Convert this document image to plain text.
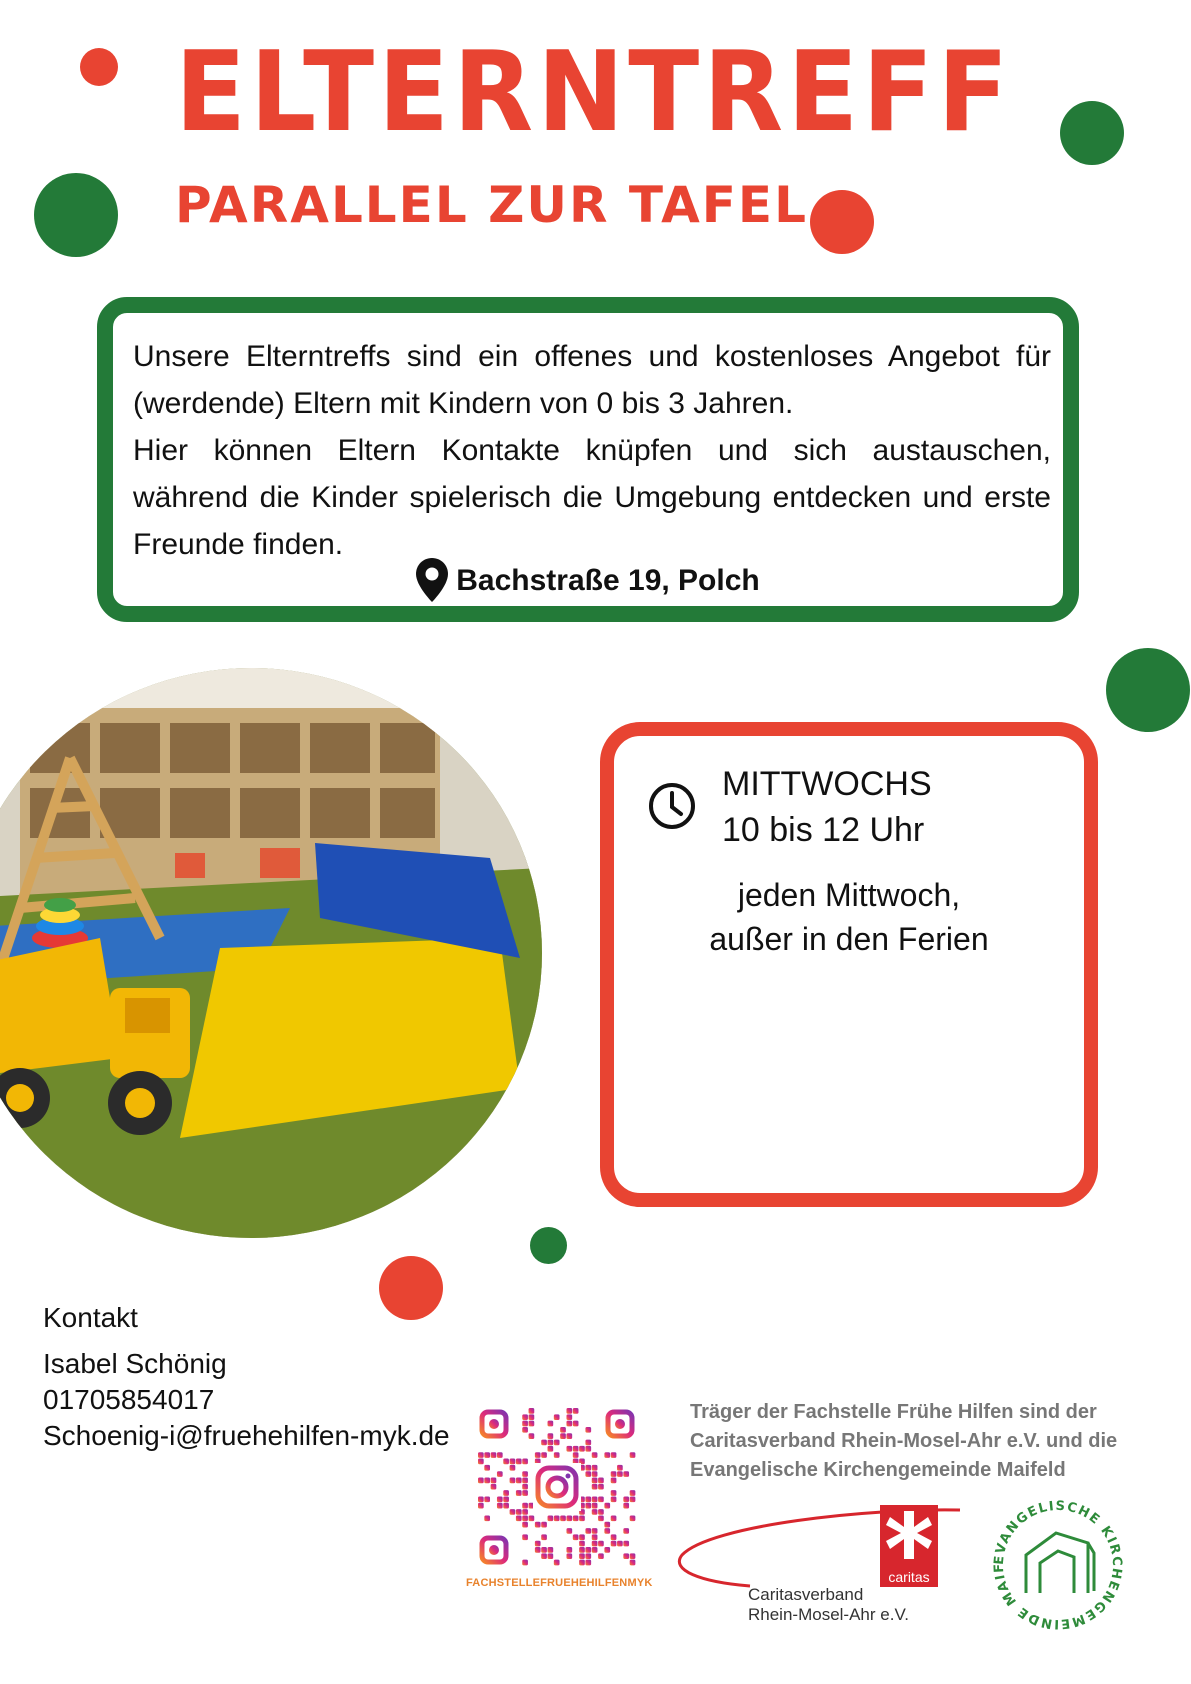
ELTERNTREFF
PARALLEL ZUR TAFEL

Unsere Elterntreffs sind ein offenes und kostenloses Angebot für (werdende) Eltern mit Kindern von 0 bis 3 Jahren.

Hier können Eltern Kontakte knüpfen und sich austauschen, während die Kinder spielerisch die Umgebung entdecken und erste Freunde finden.

Bachstraße 19, Polch
MITTWOCHS
10 bis 12 Uhr
jeden Mittwoch,
außer in den Ferien
Kontakt
Isabel Schönig
01705854017
Schoenig-i@fruehehilfen-myk.de
FACHSTELLEFRUEHEHILFENMYK
Träger der Fachstelle Frühe Hilfen sind der Caritasverband Rhein-Mosel-Ahr e.V. und die Evangelische Kirchengemeinde Maifeld
caritas
Caritasverband
Rhein-Mosel-Ahr e.V.
EVANGELISCHE KIRCHENGEMEINDE MAIF
